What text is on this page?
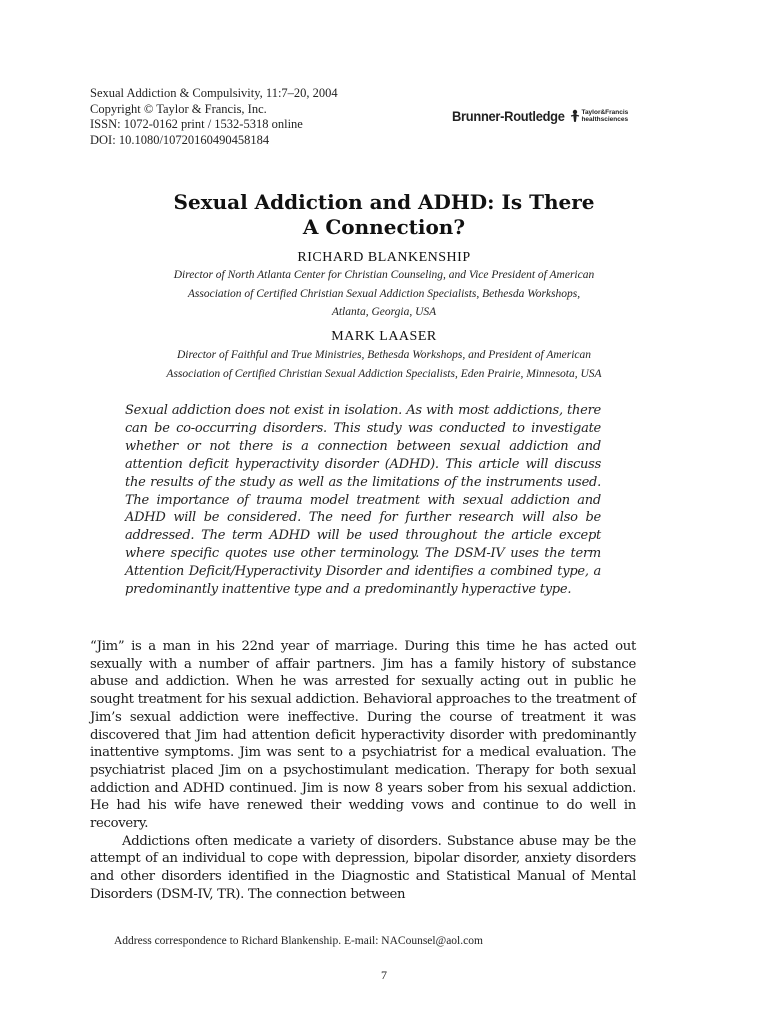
Sexual Addiction & Compulsivity, 11:7–20, 2004
Copyright © Taylor & Francis, Inc.
ISSN: 1072-0162 print / 1532-5318 online
DOI: 10.1080/10720160490458184
Brunner-Routledge	Taylor&Francis
healthsciences
Sexual Addiction and ADHD: Is There
A Connection?
RICHARD BLANKENSHIP
Director of North Atlanta Center for Christian Counseling, and Vice President of American
Association of Certified Christian Sexual Addiction Specialists, Bethesda Workshops,
Atlanta, Georgia, USA
MARK LAASER
Director of Faithful and True Ministries, Bethesda Workshops, and President of American
Association of Certified Christian Sexual Addiction Specialists, Eden Prairie, Minnesota, USA
Sexual addiction does not exist in isolation. As with most addictions, there can be co-occurring disorders. This study was conducted to investigate whether or not there is a connection between sexual addiction and attention deficit hyperactivity disorder (ADHD). This article will discuss the results of the study as well as the limitations of the instruments used. The importance of trauma model treatment with sexual addiction and ADHD will be considered. The need for further research will also be addressed. The term ADHD will be used throughout the article except where specific quotes use other terminology. The DSM-IV uses the term Attention Deficit/Hyperactivity Disorder and identifies a combined type, a predominantly inattentive type and a predominantly hyperactive type.

“Jim” is a man in his 22nd year of marriage. During this time he has acted out sexually with a number of affair partners. Jim has a family history of substance abuse and addiction. When he was arrested for sexually acting out in public he sought treatment for his sexual addiction. Behavioral approaches to the treatment of Jim’s sexual addiction were ineffective. During the course of treatment it was discovered that Jim had attention deficit hyperactivity disorder with predominantly inattentive symptoms. Jim was sent to a psychiatrist for a medical evaluation. The psychiatrist placed Jim on a psychostimulant medication. Therapy for both sexual addiction and ADHD continued. Jim is now 8 years sober from his sexual addiction. He had his wife have renewed their wedding vows and continue to do well in recovery.

Addictions often medicate a variety of disorders. Substance abuse may be the attempt of an individual to cope with depression, bipolar disorder, anxiety disorders and other disorders identified in the Diagnostic and Statistical Manual of Mental Disorders (DSM-IV, TR). The connection between

Address correspondence to Richard Blankenship. E-mail: NACounsel@aol.com
7
